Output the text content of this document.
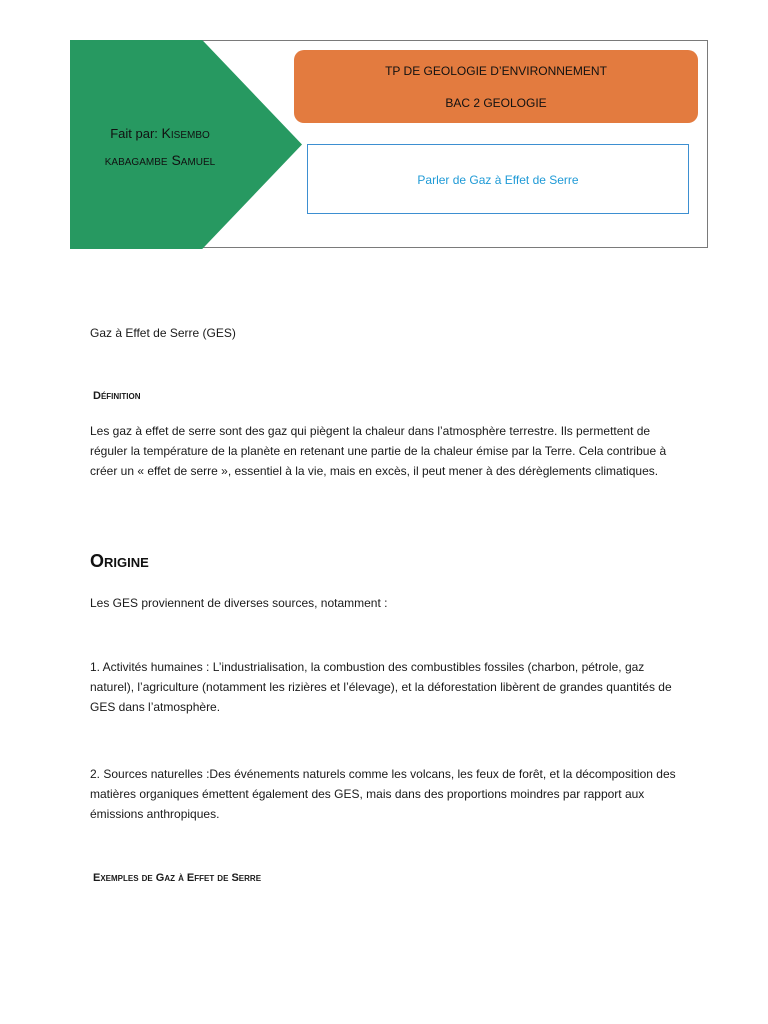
Fait par: Kisembo
kabagambe Samuel
TP DE GEOLOGIE D’ENVIRONNEMENT
BAC 2 GEOLOGIE
Parler de Gaz à Effet de Serre
Gaz à Effet de Serre (GES)
Définition
Les gaz à effet de serre sont des gaz qui piègent la chaleur dans l’atmosphère terrestre. Ils permettent de réguler la température de la planète en retenant une partie de la chaleur émise par la Terre. Cela contribue à créer un « effet de serre », essentiel à la vie, mais en excès, il peut mener à des dérèglements climatiques.
Origine
Les GES proviennent de diverses sources, notamment :
1. Activités humaines : L’industrialisation, la combustion des combustibles fossiles (charbon, pétrole, gaz naturel), l’agriculture (notamment les rizières et l’élevage), et la déforestation libèrent de grandes quantités de GES dans l’atmosphère.
2. Sources naturelles :Des événements naturels comme les volcans, les feux de forêt, et la décomposition des matières organiques émettent également des GES, mais dans des proportions moindres par rapport aux émissions anthropiques.
Exemples de Gaz à Effet de Serre
